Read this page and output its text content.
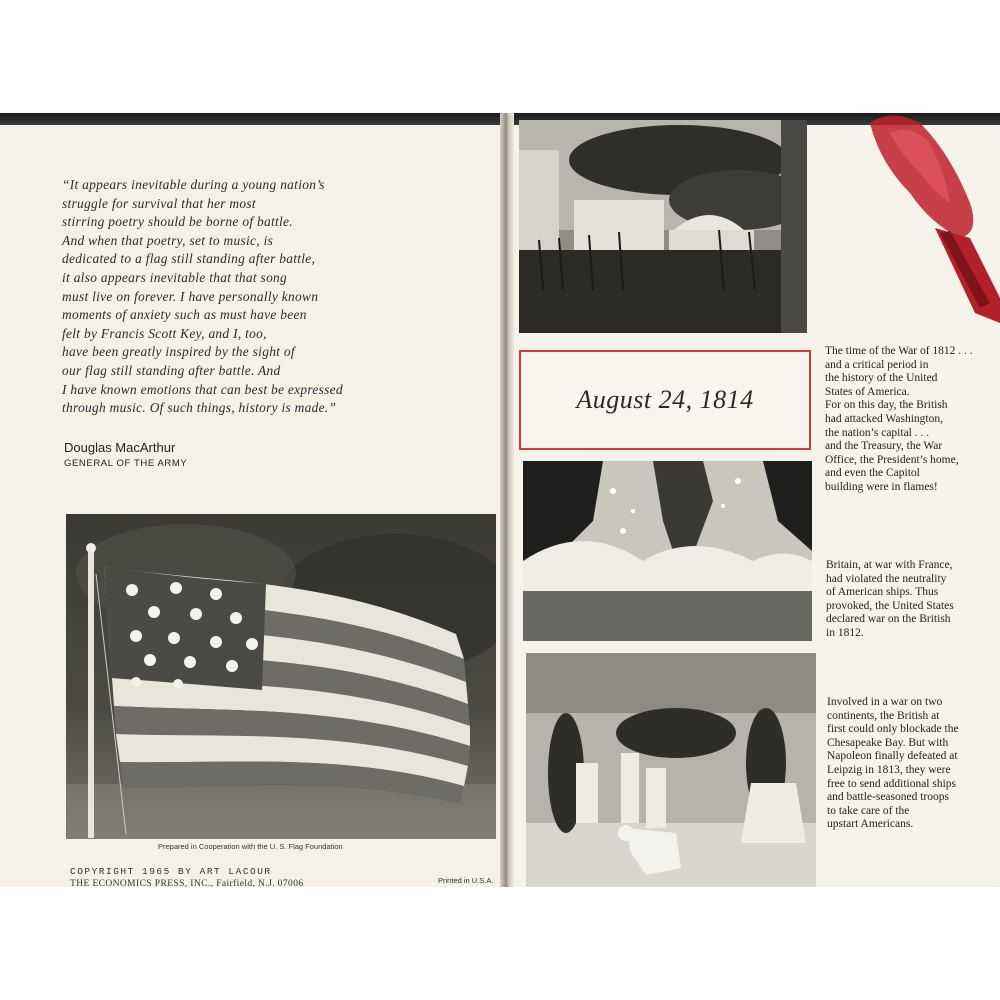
“It appears inevitable during a young nation’s
struggle for survival that her most
stirring poetry should be borne of battle.
And when that poetry, set to music, is
dedicated to a flag still standing after battle,
it also appears inevitable that that song
must live on forever. I have personally known
moments of anxiety such as must have been
felt by Francis Scott Key, and I, too,
have been greatly inspired by the sight of
our flag still standing after battle. And
I have known emotions that can best be expressed
through music. Of such things, history is made.”
Douglas MacArthur
GENERAL OF THE ARMY
Prepared in Cooperation with the U. S. Flag Foundation
COPYRIGHT 1965 BY ART LACOUR
THE ECONOMICS PRESS, INC., Fairfield, N.J. 07006	Printed in U.S.A.
August 24, 1814
The time of the War of 1812 . . .
and a critical period in
the history of the United
States of America.
For on this day, the British
had attacked Washington,
the nation’s capital . . .
and the Treasury, the War
Office, the President’s home,
and even the Capitol
building were in flames!
Britain, at war with France,
had violated the neutrality
of American ships. Thus
provoked, the United States
declared war on the British
in 1812.
Involved in a war on two
continents, the British at
first could only blockade the
Chesapeake Bay. But with
Napoleon finally defeated at
Leipzig in 1813, they were
free to send additional ships
and battle-seasoned troops
to take care of the
upstart Americans.
